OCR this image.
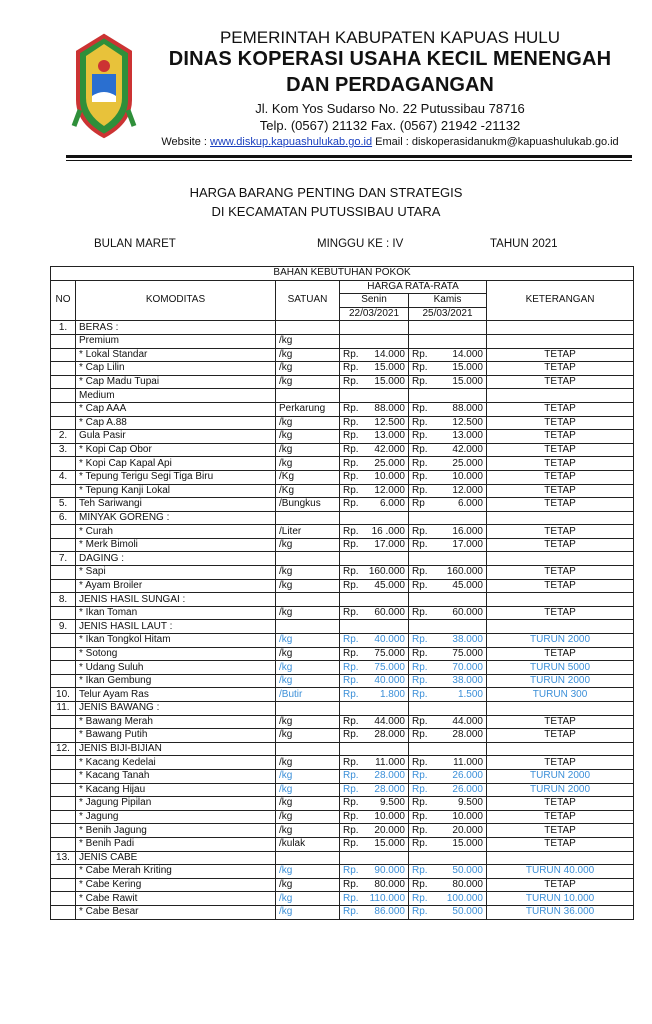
PEMERINTAH KABUPATEN KAPUAS HULU
DINAS KOPERASI USAHA KECIL MENENGAH
DAN PERDAGANGAN
Jl. Kom Yos Sudarso No. 22 Putussibau 78716
Telp. (0567) 21132 Fax. (0567) 21942 -21132
Website : www.diskup.kapuashulukab.go.id Email : diskoperasidanukm@kapuashulukab.go.id
HARGA BARANG PENTING DAN STRATEGIS
DI KECAMATAN PUTUSSIBAU UTARA
BULAN MARET	MINGGU KE : IV	TAHUN 2021
BAHAN KEBUTUHAN POKOK					
NO	KOMODITAS	SATUAN	HARGA RATA-RATA		KETERANGAN
			Senin	Kamis	
			22/03/2021	25/03/2021	
1.	BERAS :		

	Premium	/kg	

	* Lokal Standar	/kg	Rp. 14.000	Rp. 14.000	TETAP
	* Cap Lilin	/kg	Rp. 15.000	Rp. 15.000	TETAP
	* Cap Madu Tupai	/kg	Rp. 15.000	Rp. 15.000	TETAP
	Medium		

	* Cap AAA	Perkarung	Rp. 88.000	Rp. 88.000	TETAP
	* Cap A.88	/kg	Rp. 12.500	Rp. 12.500	TETAP
2.	Gula Pasir	/kg	Rp. 13.000	Rp. 13.000	TETAP
3.	* Kopi Cap Obor	/kg	Rp. 42.000	Rp. 42.000	TETAP
	* Kopi Cap Kapal Api	/kg	Rp. 25.000	Rp. 25.000	TETAP
4.	* Tepung Terigu Segi Tiga Biru	/Kg	Rp. 10.000	Rp. 10.000	TETAP
	* Tepung Kanji Lokal	/Kg	Rp. 12.000	Rp. 12.000	TETAP
5.	Teh Sariwangi	/Bungkus	Rp. 6.000	Rp 6.000	TETAP
6.	MINYAK GORENG :		

	* Curah	/Liter	Rp. 16 .000	Rp. 16.000	TETAP
	* Merk Bimoli	/kg	Rp. 17.000	Rp. 17.000	TETAP
7.	DAGING :		

	* Sapi	/kg	Rp. 160.000	Rp. 160.000	TETAP
	* Ayam Broiler	/kg	Rp. 45.000	Rp. 45.000	TETAP
8.	JENIS HASIL SUNGAI :		

	* Ikan Toman	/kg	Rp. 60.000	Rp. 60.000	TETAP
9.	JENIS HASIL LAUT :		

	* Ikan Tongkol Hitam	/kg	Rp. 40.000	Rp. 38.000	TURUN 2000
	* Sotong	/kg	Rp. 75.000	Rp. 75.000	TETAP
	* Udang Suluh	/kg	Rp. 75.000	Rp. 70.000	TURUN 5000
	* Ikan Gembung	/kg	Rp. 40.000	Rp. 38.000	TURUN 2000
10.	Telur Ayam Ras	/Butir	Rp. 1.800	Rp. 1.500	TURUN 300
11.	JENIS BAWANG :		

	* Bawang Merah	/kg	Rp. 44.000	Rp. 44.000	TETAP
	* Bawang Putih	/kg	Rp. 28.000	Rp. 28.000	TETAP
12.	JENIS BIJI-BIJIAN		

	* Kacang Kedelai	/kg	Rp. 11.000	Rp. 11.000	TETAP
	* Kacang Tanah	/kg	Rp. 28.000	Rp. 26.000	TURUN 2000
	* Kacang Hijau	/kg	Rp. 28.000	Rp. 26.000	TURUN 2000
	* Jagung Pipilan	/kg	Rp. 9.500	Rp. 9.500	TETAP
	* Jagung	/kg	Rp. 10.000	Rp. 10.000	TETAP
	* Benih Jagung	/kg	Rp. 20.000	Rp. 20.000	TETAP
	* Benih Padi	/kulak	Rp. 15.000	Rp. 15.000	TETAP
13.	JENIS CABE		

	* Cabe Merah Kriting	/kg	Rp. 90.000	Rp. 50.000	TURUN 40.000
	* Cabe Kering	/kg	Rp. 80.000	Rp. 80.000	TETAP
	* Cabe Rawit	/kg	Rp. 110.000	Rp. 100.000	TURUN 10.000
	* Cabe Besar	/kg	Rp. 86.000	Rp. 50.000	TURUN 36.000
